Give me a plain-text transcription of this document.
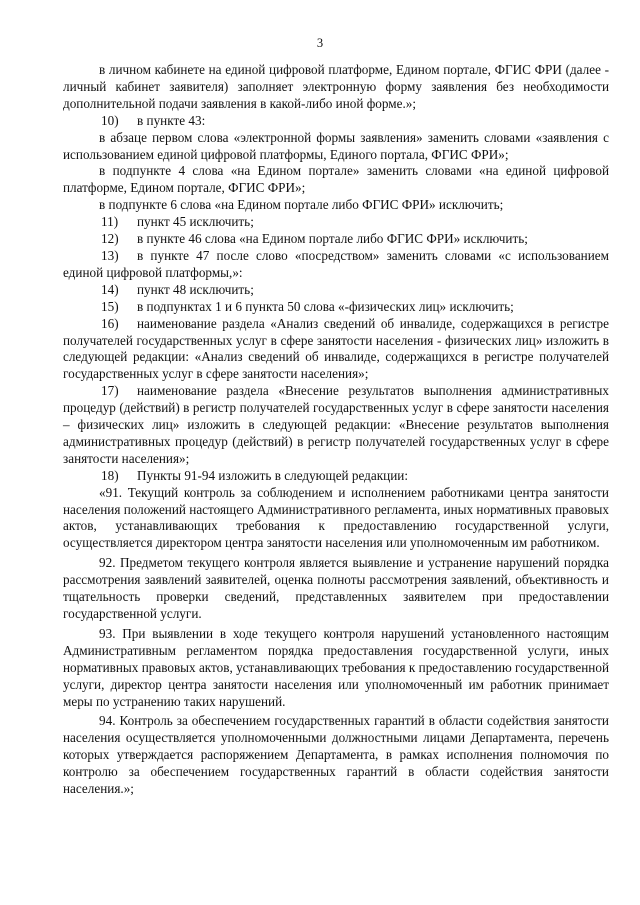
3

в личном кабинете на единой цифровой платформе, Едином портале, ФГИС ФРИ (далее - личный кабинет заявителя) заполняет электронную форму заявления без необходимости дополнительной подачи заявления в какой-либо иной форме.»;

10) в пункте 43:

в абзаце первом слова «электронной формы заявления» заменить словами «заявления с использованием единой цифровой платформы, Единого портала, ФГИС ФРИ»;

в подпункте 4 слова «на Едином портале» заменить словами «на единой цифровой платформе, Едином портале, ФГИС ФРИ»;

в подпункте 6 слова «на Едином портале либо ФГИС ФРИ» исключить;

11) пункт 45 исключить;

12) в пункте 46 слова «на Едином портале либо ФГИС ФРИ» исключить;

13) в пункте 47 после слово «посредством» заменить словами «с использованием единой цифровой платформы,»:

14) пункт 48 исключить;

15) в подпунктах 1 и 6 пункта 50 слова «-физических лиц» исключить;

16) наименование раздела «Анализ сведений об инвалиде, содержащихся в регистре получателей государственных услуг в сфере занятости населения - физических лиц» изложить в следующей редакции: «Анализ сведений об инвалиде, содержащихся в регистре получателей государственных услуг в сфере занятости населения»;

17) наименование раздела «Внесение результатов выполнения административных процедур (действий) в регистр получателей государственных услуг в сфере занятости населения – физических лиц» изложить в следующей редакции: «Внесение результатов выполнения административных процедур (действий) в регистр получателей государственных услуг в сфере занятости населения»;

18) Пункты 91-94 изложить в следующей редакции:

«91. Текущий контроль за соблюдением и исполнением работниками центра занятости населения положений настоящего Административного регламента, иных нормативных правовых актов, устанавливающих требования к предоставлению государственной услуги, осуществляется директором центра занятости населения или уполномоченным им работником.

92. Предметом текущего контроля является выявление и устранение нарушений порядка рассмотрения заявлений заявителей, оценка полноты рассмотрения заявлений, объективность и тщательность проверки сведений, представленных заявителем при предоставлении государственной услуги.

93. При выявлении в ходе текущего контроля нарушений установленного настоящим Административным регламентом порядка предоставления государственной услуги, иных нормативных правовых актов, устанавливающих требования к предоставлению государственной услуги, директор центра занятости населения или уполномоченный им работник принимает меры по устранению таких нарушений.

94. Контроль за обеспечением государственных гарантий в области содействия занятости населения осуществляется уполномоченными должностными лицами Департамента, перечень которых утверждается распоряжением Департамента, в рамках исполнения полномочия по контролю за обеспечением государственных гарантий в области содействия занятости населения.»;
